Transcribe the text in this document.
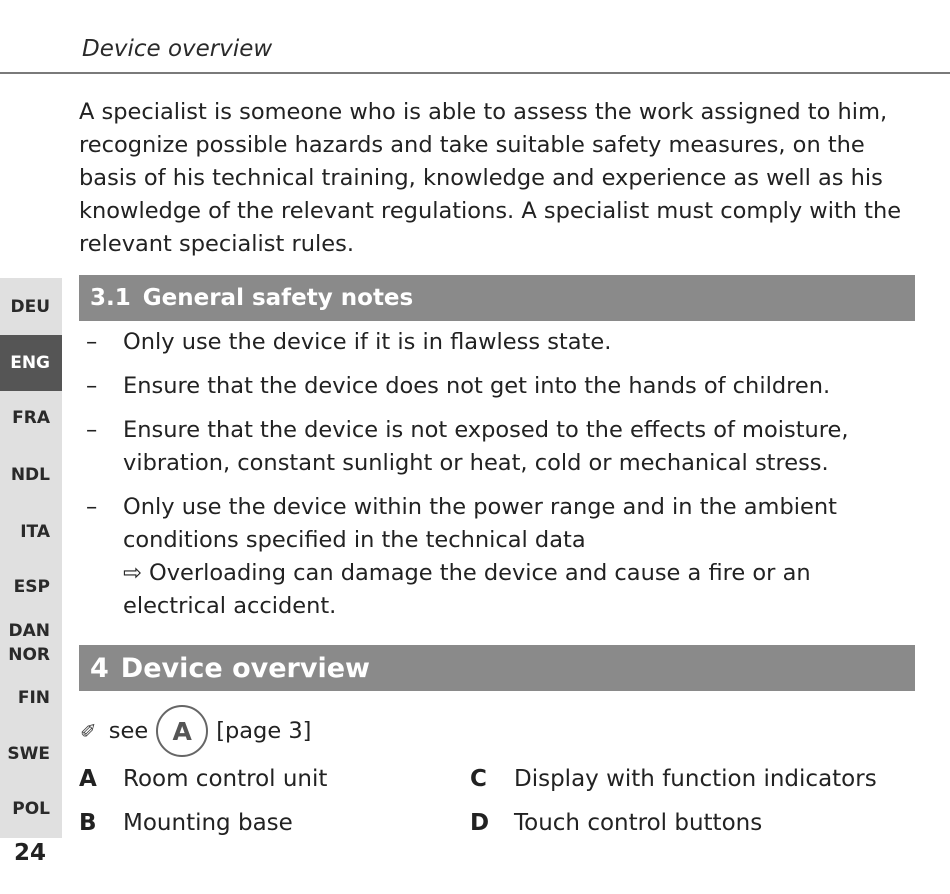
Device overview
A specialist is someone who is able to assess the work assigned to him, recognize possible hazards and take suitable safety measures, on the basis of his technical training, knowledge and experience as well as his knowledge of the relevant regulations. A specialist must comply with the relevant specialist rules.
3.1 General safety notes
– Only use the device if it is in flawless state.
– Ensure that the device does not get into the hands of children.
– Ensure that the device is not exposed to the effects of moisture, vibration, constant sunlight or heat, cold or mechanical stress.
– Only use the device within the power range and in the ambient conditions specified in the technical data
⇨ Overloading can damage the device and cause a fire or an electrical accident.
4 Device overview
✐ see A	[page 3]
A Room control unit
B Mounting base
C Display with function indicators
D Touch control buttons
DEU
ENG
FRA
NDL
ITA
ESP
DAN
NOR
FIN
SWE
POL
24
